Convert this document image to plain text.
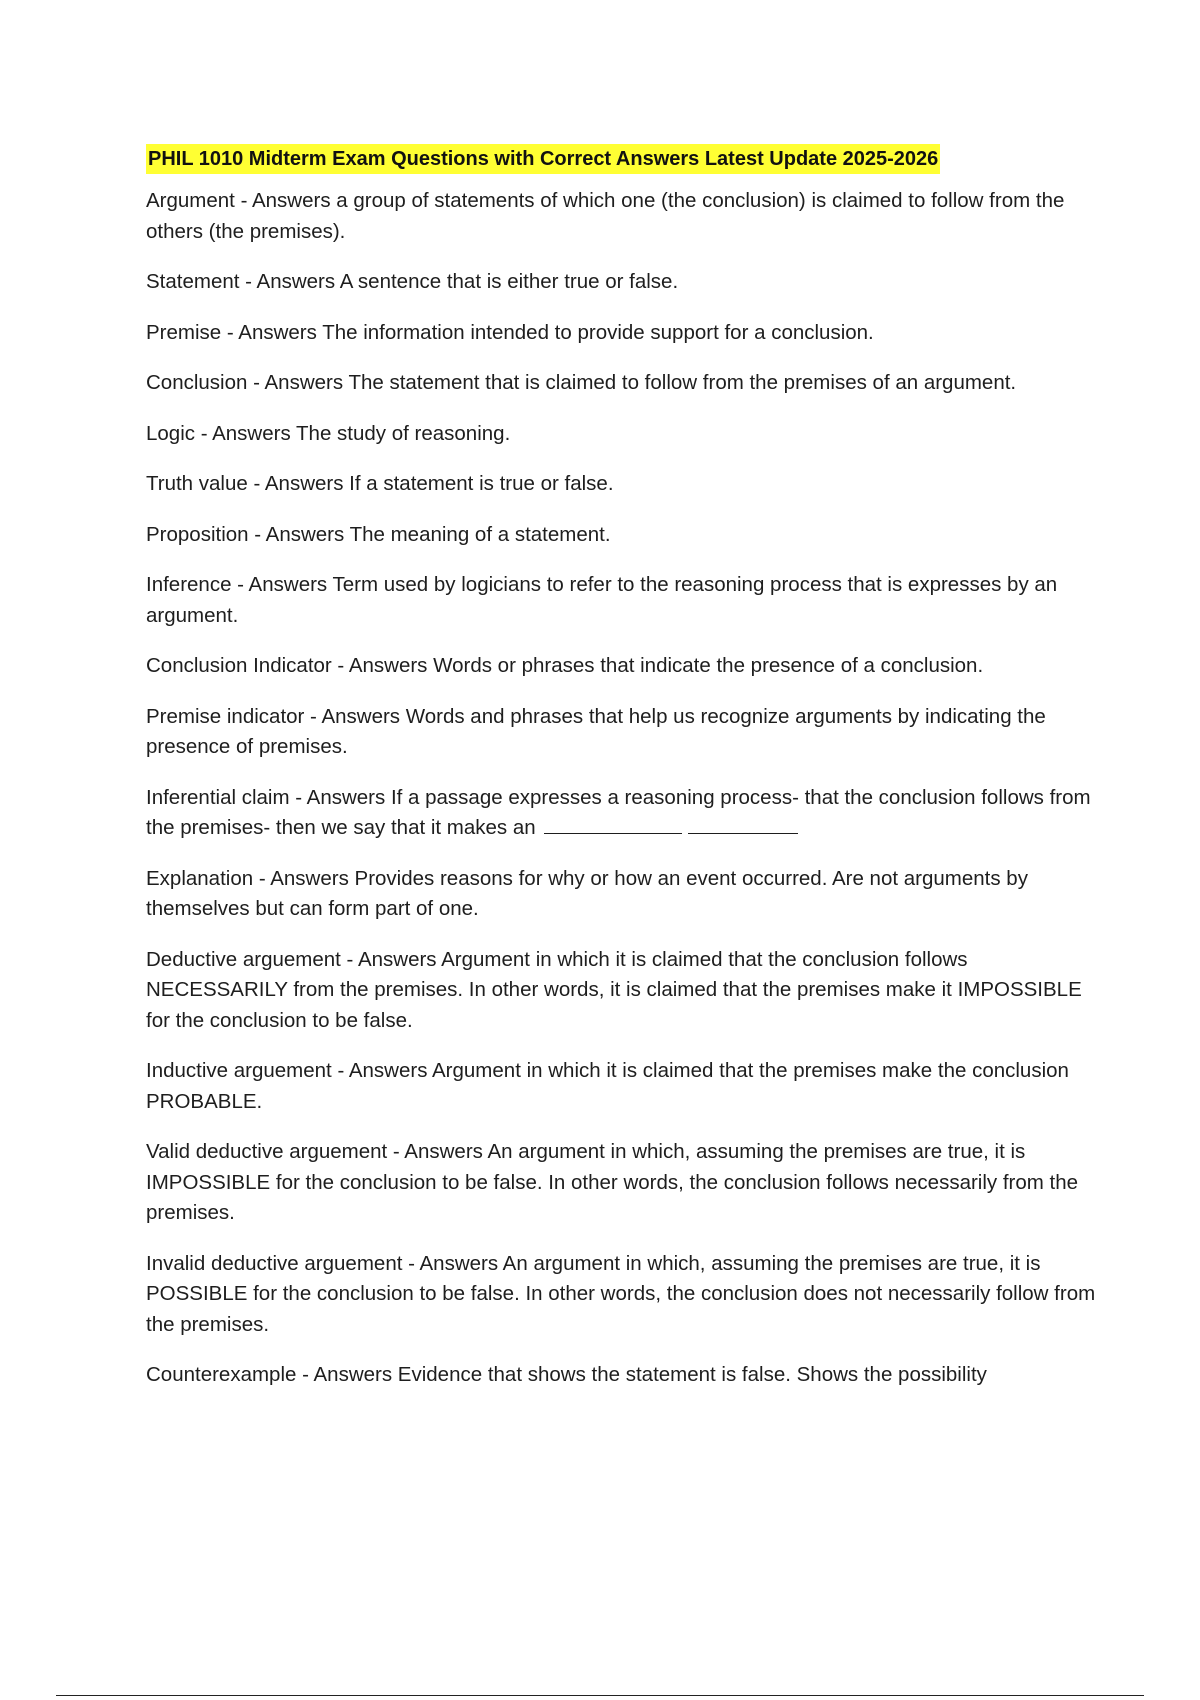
PHIL 1010 Midterm Exam Questions with Correct Answers Latest Update 2025-2026
Argument - Answers a group of statements of which one (the conclusion) is claimed to follow from the others (the premises).
Statement - Answers A sentence that is either true or false.
Premise - Answers The information intended to provide support for a conclusion.
Conclusion - Answers The statement that is claimed to follow from the premises of an argument.
Logic - Answers The study of reasoning.
Truth value - Answers If a statement is true or false.
Proposition - Answers The meaning of a statement.
Inference - Answers Term used by logicians to refer to the reasoning process that is expresses by an argument.
Conclusion Indicator - Answers Words or phrases that indicate the presence of a conclusion.
Premise indicator - Answers Words and phrases that help us recognize arguments by indicating the presence of premises.
Inferential claim - Answers If a passage expresses a reasoning process- that the conclusion follows from the premises- then we say that it makes an
Explanation - Answers Provides reasons for why or how an event occurred. Are not arguments by themselves but can form part of one.
Deductive arguement - Answers Argument in which it is claimed that the conclusion follows NECESSARILY from the premises. In other words, it is claimed that the premises make it IMPOSSIBLE for the conclusion to be false.
Inductive arguement - Answers Argument in which it is claimed that the premises make the conclusion PROBABLE.
Valid deductive arguement - Answers An argument in which, assuming the premises are true, it is IMPOSSIBLE for the conclusion to be false. In other words, the conclusion follows necessarily from the premises.
Invalid deductive arguement - Answers An argument in which, assuming the premises are true, it is POSSIBLE for the conclusion to be false. In other words, the conclusion does not necessarily follow from the premises.
Counterexample - Answers Evidence that shows the statement is false. Shows the possibility
